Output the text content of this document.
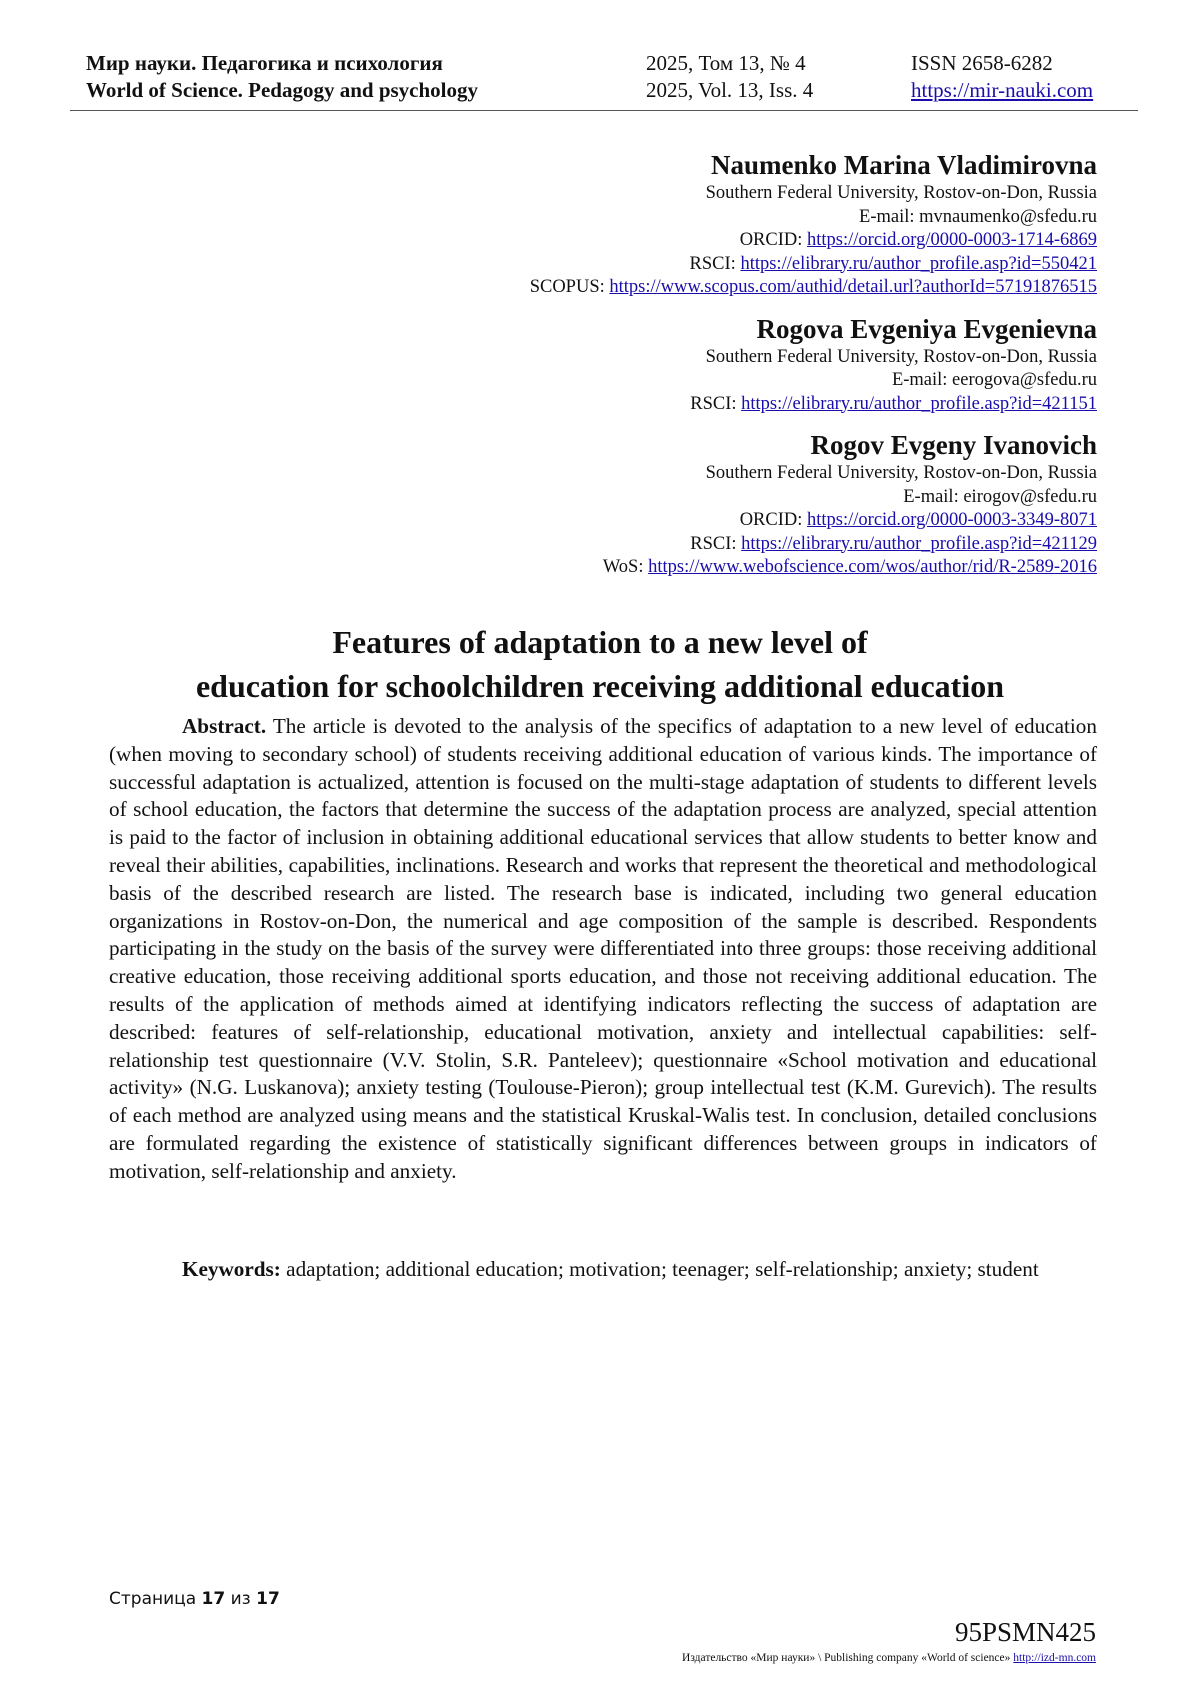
Мир науки. Педагогика и психология	2025, Том 13, № 4	ISSN 2658-6282
World of Science. Pedagogy and psychology	2025, Vol. 13, Iss. 4	https://mir-nauki.com
Naumenko Marina Vladimirovna
Southern Federal University, Rostov-on-Don, Russia
E-mail: mvnaumenko@sfedu.ru
ORCID: https://orcid.org/0000-0003-1714-6869
RSCI: https://elibrary.ru/author_profile.asp?id=550421
SCOPUS: https://www.scopus.com/authid/detail.url?authorId=57191876515
Rogova Evgeniya Evgenievna
Southern Federal University, Rostov-on-Don, Russia
E-mail: eerogova@sfedu.ru
RSCI: https://elibrary.ru/author_profile.asp?id=421151
Rogov Evgeny Ivanovich
Southern Federal University, Rostov-on-Don, Russia
E-mail: eirogov@sfedu.ru
ORCID: https://orcid.org/0000-0003-3349-8071
RSCI: https://elibrary.ru/author_profile.asp?id=421129
WoS: https://www.webofscience.com/wos/author/rid/R-2589-2016
Features of adaptation to a new level of
education for schoolchildren receiving additional education
Abstract. The article is devoted to the analysis of the specifics of adaptation to a new level of education (when moving to secondary school) of students receiving additional education of various kinds. The importance of successful adaptation is actualized, attention is focused on the multi-stage adaptation of students to different levels of school education, the factors that determine the success of the adaptation process are analyzed, special attention is paid to the factor of inclusion in obtaining additional educational services that allow students to better know and reveal their abilities, capabilities, inclinations. Research and works that represent the theoretical and methodological basis of the described research are listed. The research base is indicated, including two general education organizations in Rostov-on-Don, the numerical and age composition of the sample is described. Respondents participating in the study on the basis of the survey were differentiated into three groups: those receiving additional creative education, those receiving additional sports education, and those not receiving additional education. The results of the application of methods aimed at identifying indicators reflecting the success of adaptation are described: features of self-relationship, educational motivation, anxiety and intellectual capabilities: self-relationship test questionnaire (V.V. Stolin, S.R. Panteleev); questionnaire «School motivation and educational activity» (N.G. Luskanova); anxiety testing (Toulouse-Pieron); group intellectual test (K.M. Gurevich). The results of each method are analyzed using means and the statistical Kruskal-Walis test. In conclusion, detailed conclusions are formulated regarding the existence of statistically significant differences between groups in indicators of motivation, self-relationship and anxiety.
Keywords: adaptation; additional education; motivation; teenager; self-relationship; anxiety; student
Страница 17 из 17
95PSMN425
Издательство «Мир науки» \ Publishing company «World of science» http://izd-mn.com
